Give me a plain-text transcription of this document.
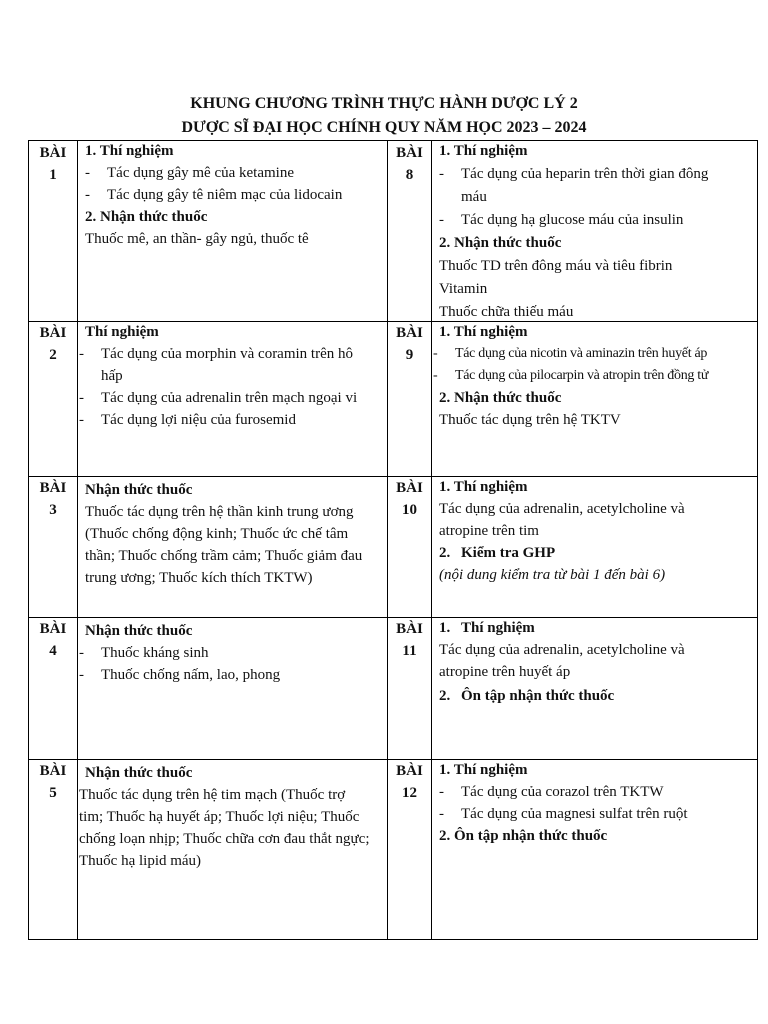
KHUNG CHƯƠNG TRÌNH THỰC HÀNH DƯỢC LÝ 2
DƯỢC SĨ ĐẠI HỌC CHÍNH QUY NĂM HỌC 2023 – 2024
BÀI
1
1. Thí nghiệm
- Tác dụng gây mê của ketamine
- Tác dụng gây tê niêm mạc của lidocain
2. Nhận thức thuốc
Thuốc mê, an thần- gây ngủ, thuốc tê
BÀI
8
1. Thí nghiệm
- Tác dụng của heparin trên thời gian đông máu
- Tác dụng hạ glucose máu của insulin
2. Nhận thức thuốc
Thuốc TD trên đông máu và tiêu fibrin
Vitamin
Thuốc chữa thiếu máu
BÀI
2
Thí nghiệm
- Tác dụng của morphin và coramin trên hô hấp
- Tác dụng của adrenalin trên mạch ngoại vi
- Tác dụng lợi niệu của furosemid
BÀI
9
1. Thí nghiệm
- Tác dụng của nicotin và aminazin trên huyết áp
- Tác dụng của pilocarpin và atropin trên đồng tử
2. Nhận thức thuốc
Thuốc tác dụng trên hệ TKTV
BÀI
3
Nhận thức thuốc
Thuốc tác dụng trên hệ thần kinh trung ương (Thuốc chống động kinh; Thuốc ức chế tâm thần; Thuốc chống trầm cảm; Thuốc giảm đau trung ương; Thuốc kích thích TKTW)
BÀI
10
1. Thí nghiệm
Tác dụng của adrenalin, acetylcholine và atropine trên tim
2. Kiểm tra GHP
(nội dung kiểm tra từ bài 1 đến bài 6)
BÀI
4
Nhận thức thuốc
- Thuốc kháng sinh
- Thuốc chống nấm, lao, phong
BÀI
11
1. Thí nghiệm
Tác dụng của adrenalin, acetylcholine và atropine trên huyết áp
2. Ôn tập nhận thức thuốc
BÀI
5
Nhận thức thuốc
Thuốc tác dụng trên hệ tim mạch (Thuốc trợ tim; Thuốc hạ huyết áp; Thuốc lợi niệu; Thuốc chống loạn nhịp; Thuốc chữa cơn đau thắt ngực; Thuốc hạ lipid máu)
BÀI
12
1. Thí nghiệm
- Tác dụng của corazol trên TKTW
- Tác dụng của magnesi sulfat trên ruột
2. Ôn tập nhận thức thuốc
